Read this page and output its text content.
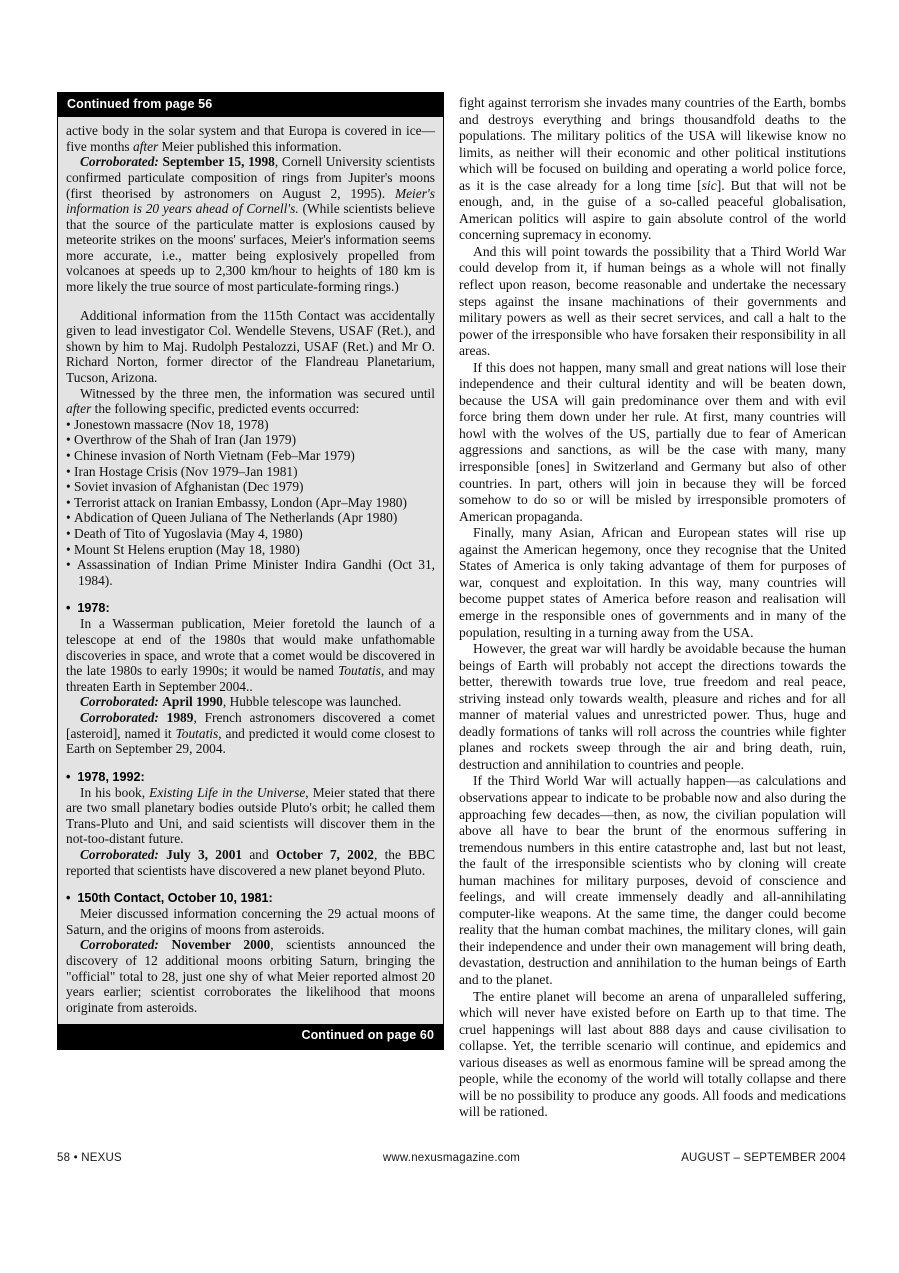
Continued from page 56

active body in the solar system and that Europa is covered in ice—five months after Meier published this information.

Corroborated: September 15, 1998, Cornell University scientists confirmed particulate composition of rings from Jupiter's moons (first theorised by astronomers on August 2, 1995). Meier's information is 20 years ahead of Cornell's. (While scientists believe that the source of the particulate matter is explosions caused by meteorite strikes on the moons' surfaces, Meier's information seems more accurate, i.e., matter being explosively propelled from volcanoes at speeds up to 2,300 km/hour to heights of 180 km is more likely the true source of most particulate-forming rings.)

Additional information from the 115th Contact was accidentally given to lead investigator Col. Wendelle Stevens, USAF (Ret.), and shown by him to Maj. Rudolph Pestalozzi, USAF (Ret.) and Mr O. Richard Norton, former director of the Flandreau Planetarium, Tucson, Arizona.

Witnessed by the three men, the information was secured until after the following specific, predicted events occurred:

• Jonestown massacre (Nov 18, 1978)
• Overthrow of the Shah of Iran (Jan 1979)
• Chinese invasion of North Vietnam (Feb–Mar 1979)
• Iran Hostage Crisis (Nov 1979–Jan 1981)
• Soviet invasion of Afghanistan (Dec 1979)
• Terrorist attack on Iranian Embassy, London (Apr–May 1980)
• Abdication of Queen Juliana of The Netherlands (Apr 1980)
• Death of Tito of Yugoslavia (May 4, 1980)
• Mount St Helens eruption (May 18, 1980)
• Assassination of Indian Prime Minister Indira Gandhi (Oct 31, 1984).
•  1978:

In a Wasserman publication, Meier foretold the launch of a telescope at end of the 1980s that would make unfathomable discoveries in space, and wrote that a comet would be discovered in the late 1980s to early 1990s; it would be named Toutatis, and may threaten Earth in September 2004..

Corroborated: April 1990, Hubble telescope was launched.

Corroborated: 1989, French astronomers discovered a comet [asteroid], named it Toutatis, and predicted it would come closest to Earth on September 29, 2004.

•  1978, 1992:

In his book, Existing Life in the Universe, Meier stated that there are two small planetary bodies outside Pluto's orbit; he called them Trans-Pluto and Uni, and said scientists will discover them in the not-too-distant future.

Corroborated: July 3, 2001 and October 7, 2002, the BBC reported that scientists have discovered a new planet beyond Pluto.

•  150th Contact, October 10, 1981:

Meier discussed information concerning the 29 actual moons of Saturn, and the origins of moons from asteroids.

Corroborated: November 2000, scientists announced the discovery of 12 additional moons orbiting Saturn, bringing the "official" total to 28, just one shy of what Meier reported almost 20 years earlier; scientist corroborates the likelihood that moons originate from asteroids.

Continued on page 60

fight against terrorism she invades many countries of the Earth, bombs and destroys everything and brings thousandfold deaths to the populations. The military politics of the USA will likewise know no limits, as neither will their economic and other political institutions which will be focused on building and operating a world police force, as it is the case already for a long time [sic]. But that will not be enough, and, in the guise of a so-called peaceful globalisation, American politics will aspire to gain absolute control of the world concerning supremacy in economy.

And this will point towards the possibility that a Third World War could develop from it, if human beings as a whole will not finally reflect upon reason, become reasonable and undertake the necessary steps against the insane machinations of their governments and military powers as well as their secret services, and call a halt to the power of the irresponsible who have forsaken their responsibility in all areas.

If this does not happen, many small and great nations will lose their independence and their cultural identity and will be beaten down, because the USA will gain predominance over them and with evil force bring them down under her rule. At first, many countries will howl with the wolves of the US, partially due to fear of American aggressions and sanctions, as will be the case with many, many irresponsible [ones] in Switzerland and Germany but also of other countries. In part, others will join in because they will be forced somehow to do so or will be misled by irresponsible promoters of American propaganda.

Finally, many Asian, African and European states will rise up against the American hegemony, once they recognise that the United States of America is only taking advantage of them for purposes of war, conquest and exploitation. In this way, many countries will become puppet states of America before reason and realisation will emerge in the responsible ones of governments and in many of the population, resulting in a turning away from the USA.

However, the great war will hardly be avoidable because the human beings of Earth will probably not accept the directions towards the better, therewith towards true love, true freedom and real peace, striving instead only towards wealth, pleasure and riches and for all manner of material values and unrestricted power. Thus, huge and deadly formations of tanks will roll across the countries while fighter planes and rockets sweep through the air and bring death, ruin, destruction and annihilation to countries and people.

If the Third World War will actually happen—as calculations and observations appear to indicate to be probable now and also during the approaching few decades—then, as now, the civilian population will above all have to bear the brunt of the enormous suffering in tremendous numbers in this entire catastrophe and, last but not least, the fault of the irresponsible scientists who by cloning will create human machines for military purposes, devoid of conscience and feelings, and will create immensely deadly and all-annihilating computer-like weapons. At the same time, the danger could become reality that the human combat machines, the military clones, will gain their independence and under their own management will bring death, devastation, destruction and annihilation to the human beings of Earth and to the planet.

The entire planet will become an arena of unparalleled suffering, which will never have existed before on Earth up to that time. The cruel happenings will last about 888 days and cause civilisation to collapse. Yet, the terrible scenario will continue, and epidemics and various diseases as well as enormous famine will be spread among the people, while the economy of the world will totally collapse and there will be no possibility to produce any goods. All foods and medications will be rationed.

58 • NEXUS	www.nexusmagazine.com	AUGUST – SEPTEMBER 2004
